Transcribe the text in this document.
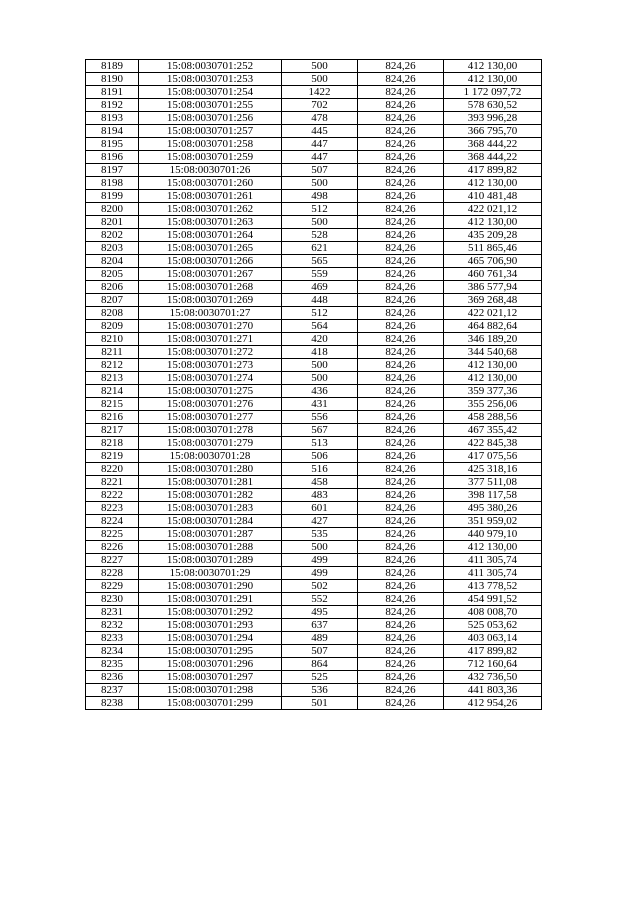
8189	15:08:0030701:252	500	824,26	412 130,00
8190	15:08:0030701:253	500	824,26	412 130,00
8191	15:08:0030701:254	1422	824,26	1 172 097,72
8192	15:08:0030701:255	702	824,26	578 630,52
8193	15:08:0030701:256	478	824,26	393 996,28
8194	15:08:0030701:257	445	824,26	366 795,70
8195	15:08:0030701:258	447	824,26	368 444,22
8196	15:08:0030701:259	447	824,26	368 444,22
8197	15:08:0030701:26	507	824,26	417 899,82
8198	15:08:0030701:260	500	824,26	412 130,00
8199	15:08:0030701:261	498	824,26	410 481,48
8200	15:08:0030701:262	512	824,26	422 021,12
8201	15:08:0030701:263	500	824,26	412 130,00
8202	15:08:0030701:264	528	824,26	435 209,28
8203	15:08:0030701:265	621	824,26	511 865,46
8204	15:08:0030701:266	565	824,26	465 706,90
8205	15:08:0030701:267	559	824,26	460 761,34
8206	15:08:0030701:268	469	824,26	386 577,94
8207	15:08:0030701:269	448	824,26	369 268,48
8208	15:08:0030701:27	512	824,26	422 021,12
8209	15:08:0030701:270	564	824,26	464 882,64
8210	15:08:0030701:271	420	824,26	346 189,20
8211	15:08:0030701:272	418	824,26	344 540,68
8212	15:08:0030701:273	500	824,26	412 130,00
8213	15:08:0030701:274	500	824,26	412 130,00
8214	15:08:0030701:275	436	824,26	359 377,36
8215	15:08:0030701:276	431	824,26	355 256,06
8216	15:08:0030701:277	556	824,26	458 288,56
8217	15:08:0030701:278	567	824,26	467 355,42
8218	15:08:0030701:279	513	824,26	422 845,38
8219	15:08:0030701:28	506	824,26	417 075,56
8220	15:08:0030701:280	516	824,26	425 318,16
8221	15:08:0030701:281	458	824,26	377 511,08
8222	15:08:0030701:282	483	824,26	398 117,58
8223	15:08:0030701:283	601	824,26	495 380,26
8224	15:08:0030701:284	427	824,26	351 959,02
8225	15:08:0030701:287	535	824,26	440 979,10
8226	15:08:0030701:288	500	824,26	412 130,00
8227	15:08:0030701:289	499	824,26	411 305,74
8228	15:08:0030701:29	499	824,26	411 305,74
8229	15:08:0030701:290	502	824,26	413 778,52
8230	15:08:0030701:291	552	824,26	454 991,52
8231	15:08:0030701:292	495	824,26	408 008,70
8232	15:08:0030701:293	637	824,26	525 053,62
8233	15:08:0030701:294	489	824,26	403 063,14
8234	15:08:0030701:295	507	824,26	417 899,82
8235	15:08:0030701:296	864	824,26	712 160,64
8236	15:08:0030701:297	525	824,26	432 736,50
8237	15:08:0030701:298	536	824,26	441 803,36
8238	15:08:0030701:299	501	824,26	412 954,26
